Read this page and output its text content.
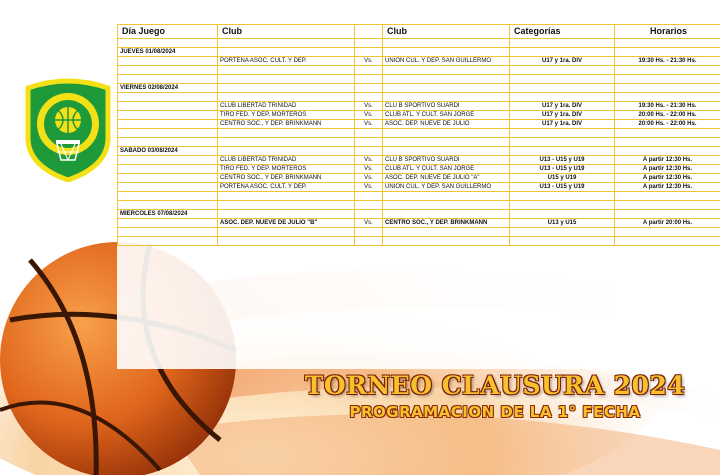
Día Juego	Club		Club	Categorías	Horarios

JUEVES 01/08/2024					
	PORTEÑA ASOC. CULT. Y DEP.	Vs.	UNION CUL. Y DEP. SAN GUILLERMO	U17 y 1ra. DIV	19:30 Hs. - 21:30 Hs.

VIERNES 02/08/2024					

	CLUB LIBERTAD TRINIDAD	Vs.	CLU B SPORTIVO SUARDI	U17 y 1ra. DIV	19:30 Hs. - 21:30 Hs.
	TIRO FED. Y DEP. MORTEROS	Vs.	CLUB ATL. Y CULT. SAN JORGE	U17 y 1ra. DIV	20:00 Hs. - 22:00 Hs.
	CENTRO SOC., Y DEP. BRINKMANN	Vs.	ASOC. DEP. NUEVE DE JULIO	U17 y 1ra. DIV	20:00 Hs. - 22:00 Hs.

SABADO 03/08/2024					
	CLUB LIBERTAD TRINIDAD	Vs.	CLU B SPORTIVO SUARDI	U13 - U15 y U19	A partir 12:30 Hs.
	TIRO FED. Y DEP. MORTEROS	Vs.	CLUB ATL. Y CULT. SAN JORGE	U13 - U15 y U19	A partir 12:30 Hs.
	CENTRO SOC., Y DEP. BRINKMANN	Vs.	ASOC. DEP. NUEVE DE JULIO "A"	U15 y U19	A partir 12:30 Hs.
	PORTEÑA ASOC. CULT. Y DEP.	Vs.	UNION CUL. Y DEP. SAN GUILLERMO	U13 - U15 y U19	A partir 12:30 Hs.

MIERCOLES 07/08/2024					
	ASOC. DEP. NUEVE DE JULIO "B"	Vs.	CENTRO SOC., Y DEP. BRINKMANN	U13 y U15	A partir 20:00 Hs.

TORNEO CLAUSURA 2024
PROGRAMACION DE LA 1° FECHA
